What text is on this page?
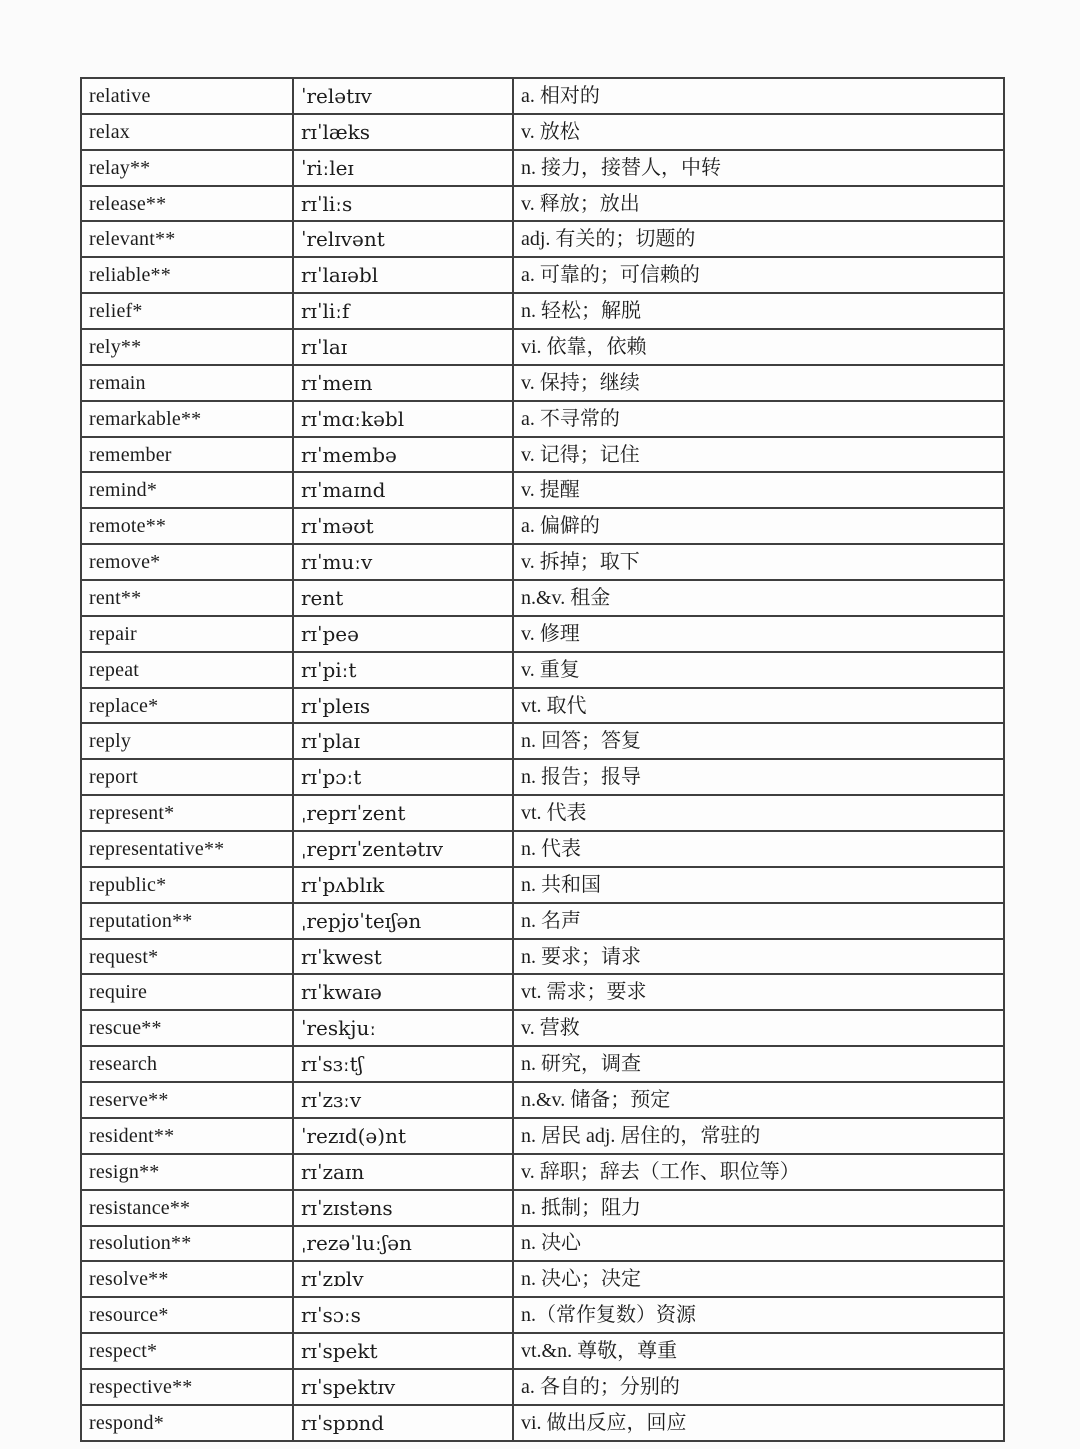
relative	ˈrelətɪv	a. 相对的
relax	rɪˈlæks	v. 放松
relay**	ˈriːleɪ	n. 接力，接替人，中转
release**	rɪˈliːs	v. 释放；放出
relevant**	ˈrelɪvənt	adj. 有关的；切题的
reliable**	rɪˈlaɪəbl	a. 可靠的；可信赖的
relief*	rɪˈliːf	n. 轻松；解脱
rely**	rɪˈlaɪ	vi. 依靠，依赖
remain	rɪˈmeɪn	v. 保持；继续
remarkable**	rɪˈmɑːkəbl	a. 不寻常的
remember	rɪˈmembə	v. 记得；记住
remind*	rɪˈmaɪnd	v. 提醒
remote**	rɪˈməʊt	a. 偏僻的
remove*	rɪˈmuːv	v. 拆掉；取下
rent**	rent	n.&v. 租金
repair	rɪˈpeə	v. 修理
repeat	rɪˈpiːt	v. 重复
replace*	rɪˈpleɪs	vt. 取代
reply	rɪˈplaɪ	n. 回答；答复
report	rɪˈpɔːt	n. 报告；报导
represent*	ˌreprɪˈzent	vt. 代表
representative**	ˌreprɪˈzentətɪv	n. 代表
republic*	rɪˈpʌblɪk	n. 共和国
reputation**	ˌrepjʊˈteɪʃən	n. 名声
request*	rɪˈkwest	n. 要求；请求
require	rɪˈkwaɪə	vt. 需求；要求
rescue**	ˈreskjuː	v. 营救
research	rɪˈsɜːtʃ	n. 研究，调查
reserve**	rɪˈzɜːv	n.&v. 储备；预定
resident**	ˈrezɪd(ə)nt	n. 居民 adj. 居住的，常驻的
resign**	rɪˈzaɪn	v. 辞职；辞去（工作、职位等）
resistance**	rɪˈzɪstəns	n. 抵制；阻力
resolution**	ˌrezəˈluːʃən	n. 决心
resolve**	rɪˈzɒlv	n. 决心；决定
resource*	rɪˈsɔːs	n.（常作复数）资源
respect*	rɪˈspekt	vt.&n. 尊敬，尊重
respective**	rɪˈspektɪv	a. 各自的；分别的
respond*	rɪˈspɒnd	vi. 做出反应，回应
